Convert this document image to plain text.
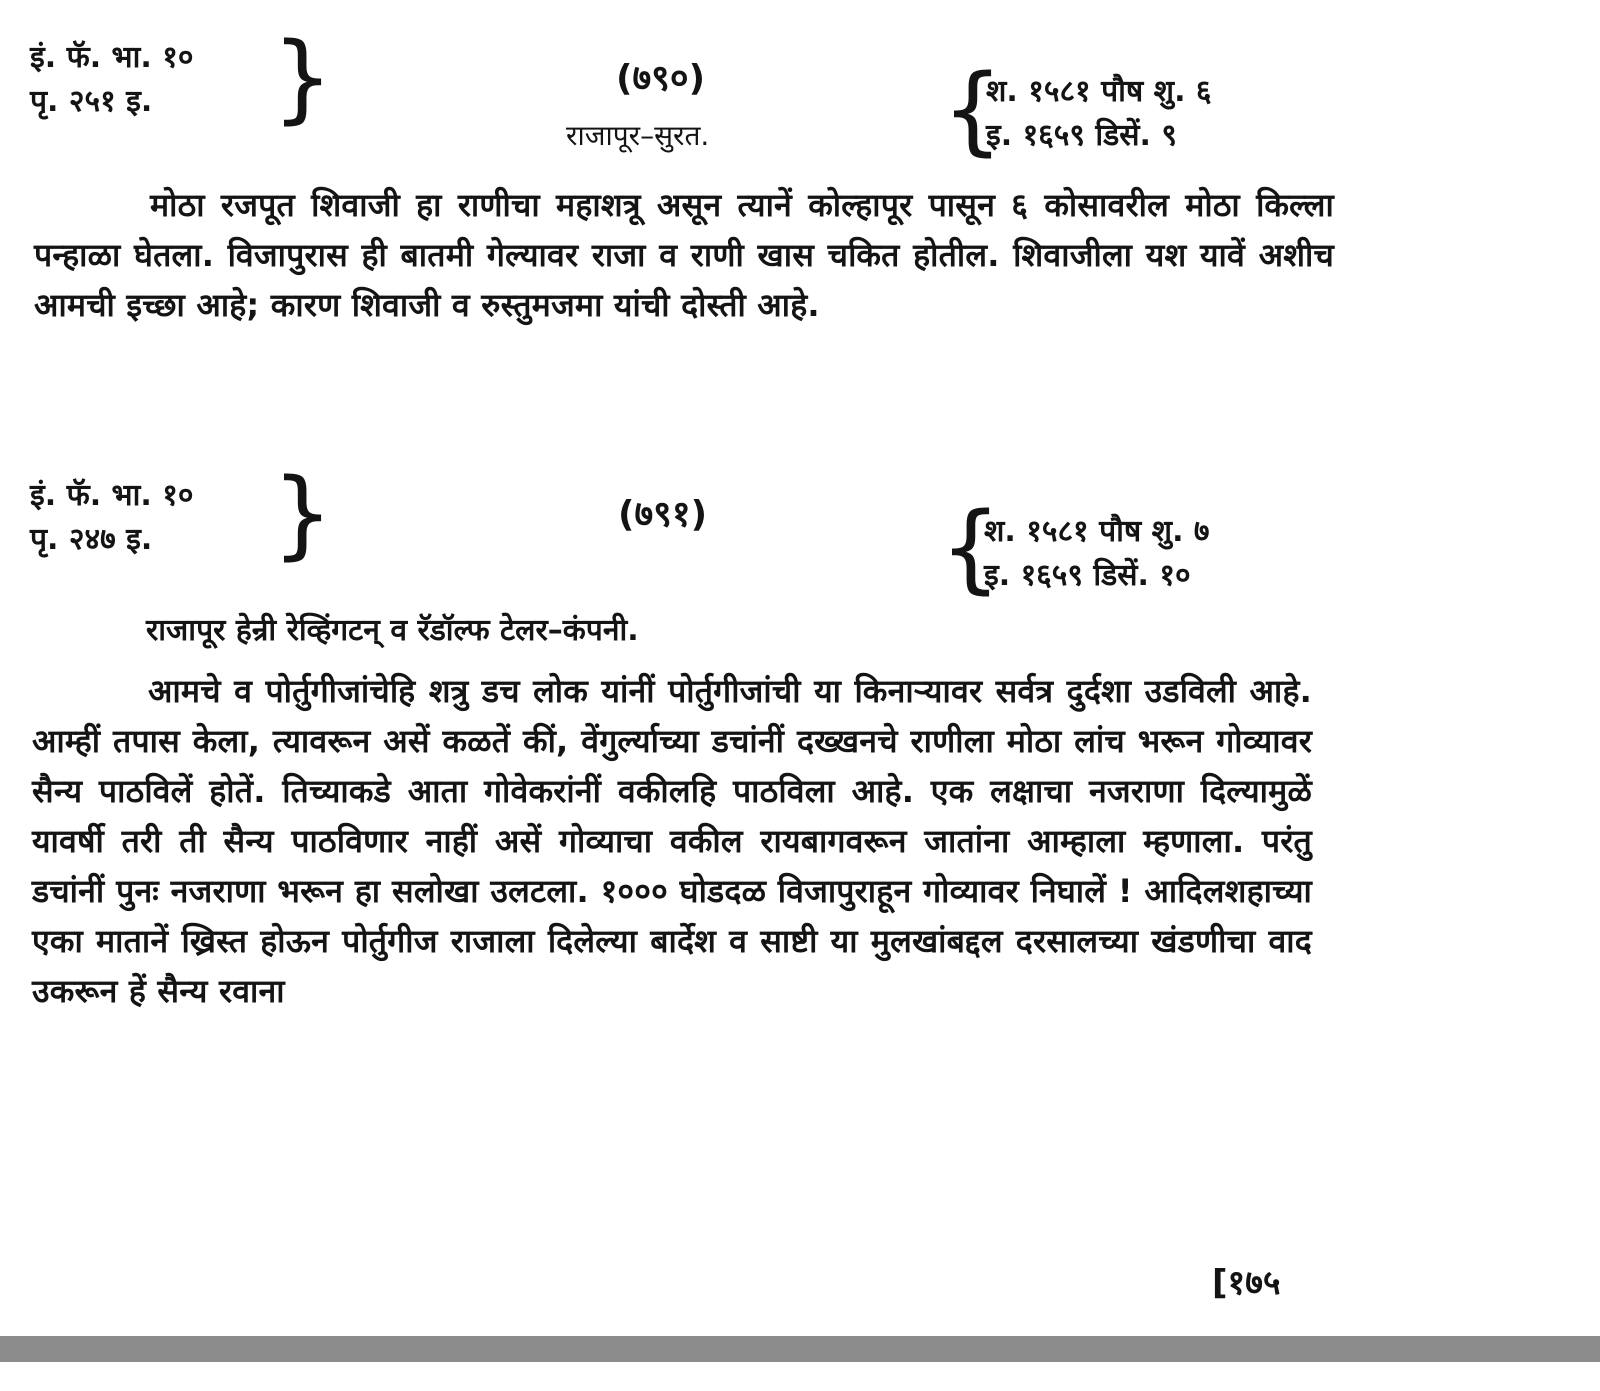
इं. फॅ. भा. १०
पृ. २५१ इ.	}	(७९०)
राजापूर–सुरत. {
श. १५८१ पौष शु. ६
इ. १६५९ डिसें. ९

मोठा रजपूत शिवाजी हा राणीचा महाशत्रू असून त्यानें कोल्हापूर पासून ६ कोसावरील मोठा किल्ला पन्हाळा घेतला. विजापुरास ही बातमी गेल्यावर राजा व राणी खास चकित होतील. शिवाजीला यश यावें अशीच आमची इच्छा आहे; कारण शिवाजी व रुस्तुमजमा यांची दोस्ती आहे.

इं. फॅ. भा. १०
पृ. २४७ इ.	}	(७९१) {
श. १५८१ पौष शु. ७
इ. १६५९ डिसें. १०
राजापूर हेन्री रेव्हिंगटन् व रॅडॉल्फ टेलर–कंपनी.

आमचे व पोर्तुगीजांचेहि शत्रु डच लोक यांनीं पोर्तुगीजांची या किनाऱ्यावर सर्वत्र दुर्दशा उडविली आहे. आम्हीं तपास केला, त्यावरून असें कळतें कीं, वेंगुर्ल्याच्या डचांनीं दख्खनचे राणीला मोठा लांच भरून गोव्यावर सैन्य पाठविलें होतें. तिच्याकडे आता गोवेकरांनीं वकीलहि पाठविला आहे. एक लक्षाचा नजराणा दिल्यामुळें यावर्षी तरी ती सैन्य पाठविणार नाहीं असें गोव्याचा वकील रायबागवरून जातांना आम्हाला म्हणाला. परंतु डचांनीं पुनः नजराणा भरून हा सलोखा उलटला. १००० घोडदळ विजापुराहून गोव्यावर निघालें ! आदिलशहाच्या एका मातानें ख्रिस्त होऊन पोर्तुगीज राजाला दिलेल्या बार्देश व साष्टी या मुलखांबद्दल दरसालच्या खंडणीचा वाद उकरून हें सैन्य रवाना

[१७५
